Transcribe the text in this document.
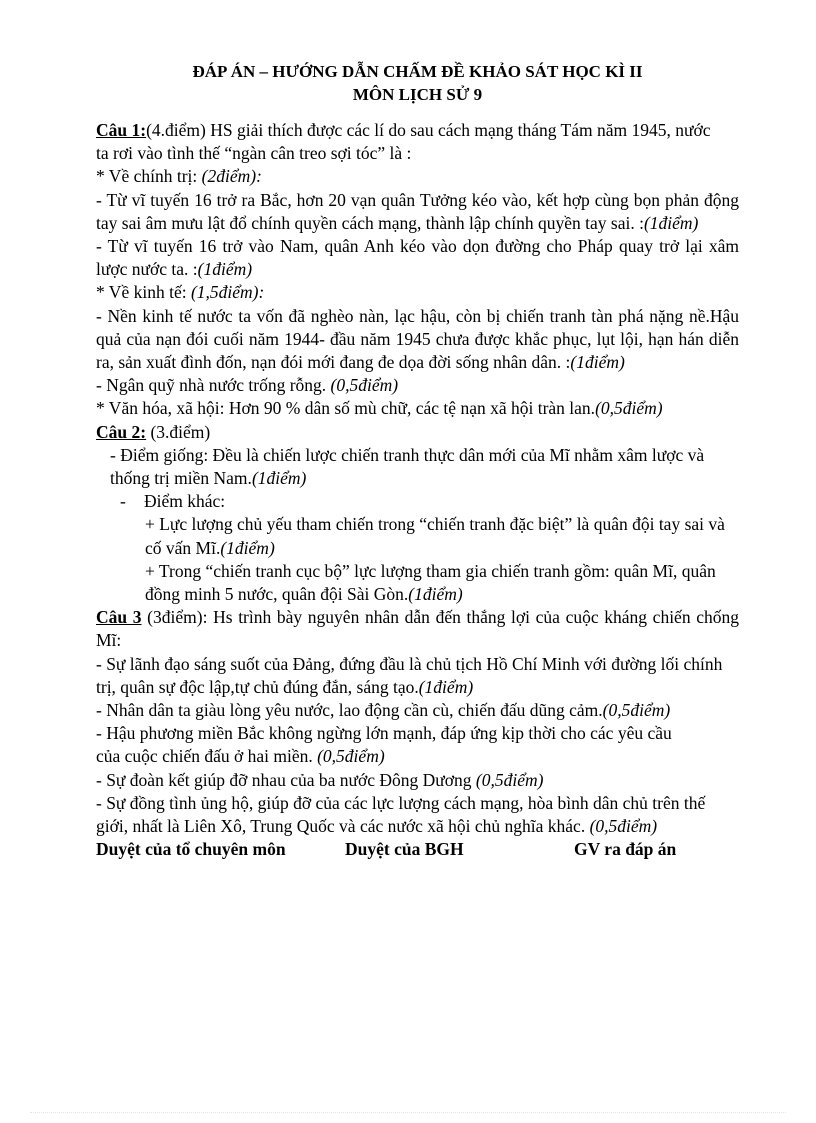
ĐÁP ÁN – HƯỚNG DẪN CHẤM ĐỀ KHẢO SÁT HỌC KÌ II
MÔN LỊCH SỬ 9

Câu 1:(4.điểm) HS giải thích được các lí do sau cách mạng tháng Tám năm 1945, nước ta rơi vào tình thế “ngàn cân treo sợi tóc” là :

* Về chính trị: (2điểm):

- Từ vĩ tuyến 16 trở ra Bắc, hơn 20 vạn quân Tưởng kéo vào, kết hợp cùng bọn phản động tay sai âm mưu lật đổ chính quyền cách mạng, thành lập chính quyền tay sai. :(1điểm)

- Từ vĩ tuyến 16 trở vào Nam, quân Anh kéo vào dọn đường cho Pháp quay trở lại xâm lược nước ta. :(1điểm)

* Về kinh tế: (1,5điểm):

- Nền kinh tế nước ta vốn đã nghèo nàn, lạc hậu, còn bị chiến tranh tàn phá nặng nề.Hậu quả của nạn đói cuối năm 1944- đầu năm 1945 chưa được khắc phục, lụt lội, hạn hán diễn ra, sản xuất đình đốn, nạn đói mới đang đe dọa đời sống nhân dân. :(1điểm)

- Ngân quỹ nhà nước trống rỗng. (0,5điểm)

* Văn hóa, xã hội: Hơn 90 % dân số mù chữ, các tệ nạn xã hội tràn lan.(0,5điểm)

Câu 2: (3.điểm)

- Điểm giống: Đều là chiến lược chiến tranh thực dân mới của Mĩ nhằm xâm lược và thống trị miền Nam.(1điểm)

-	Điểm khác:

+ Lực lượng chủ yếu tham chiến trong “chiến tranh đặc biệt” là quân đội tay sai và cố vấn Mĩ.(1điểm)

+ Trong “chiến tranh cục bộ” lực lượng tham gia chiến tranh gồm: quân Mĩ, quân đồng minh 5 nước, quân đội Sài Gòn.(1điểm)

Câu 3 (3điểm): Hs trình bày nguyên nhân dẫn đến thắng lợi của cuộc kháng chiến chống Mĩ:

- Sự lãnh đạo sáng suốt của Đảng, đứng đầu là chủ tịch Hồ Chí Minh với đường lối chính trị, quân sự độc lập,tự chủ đúng đắn, sáng tạo.(1điểm)

- Nhân dân ta giàu lòng yêu nước, lao động cần cù, chiến đấu dũng cảm.(0,5điểm)

- Hậu phương miền Bắc không ngừng lớn mạnh, đáp ứng kịp thời cho các yêu cầu của cuộc chiến đấu ở hai miền. (0,5điểm)

- Sự đoàn kết giúp đỡ nhau của ba nước Đông Dương (0,5điểm)

- Sự đồng tình ủng hộ, giúp đỡ của các lực lượng cách mạng, hòa bình dân chủ trên thế giới, nhất là Liên Xô, Trung Quốc và các nước xã hội chủ nghĩa khác. (0,5điểm)

Duyệt của tổ chuyên môn	Duyệt của BGH	GV ra đáp án
